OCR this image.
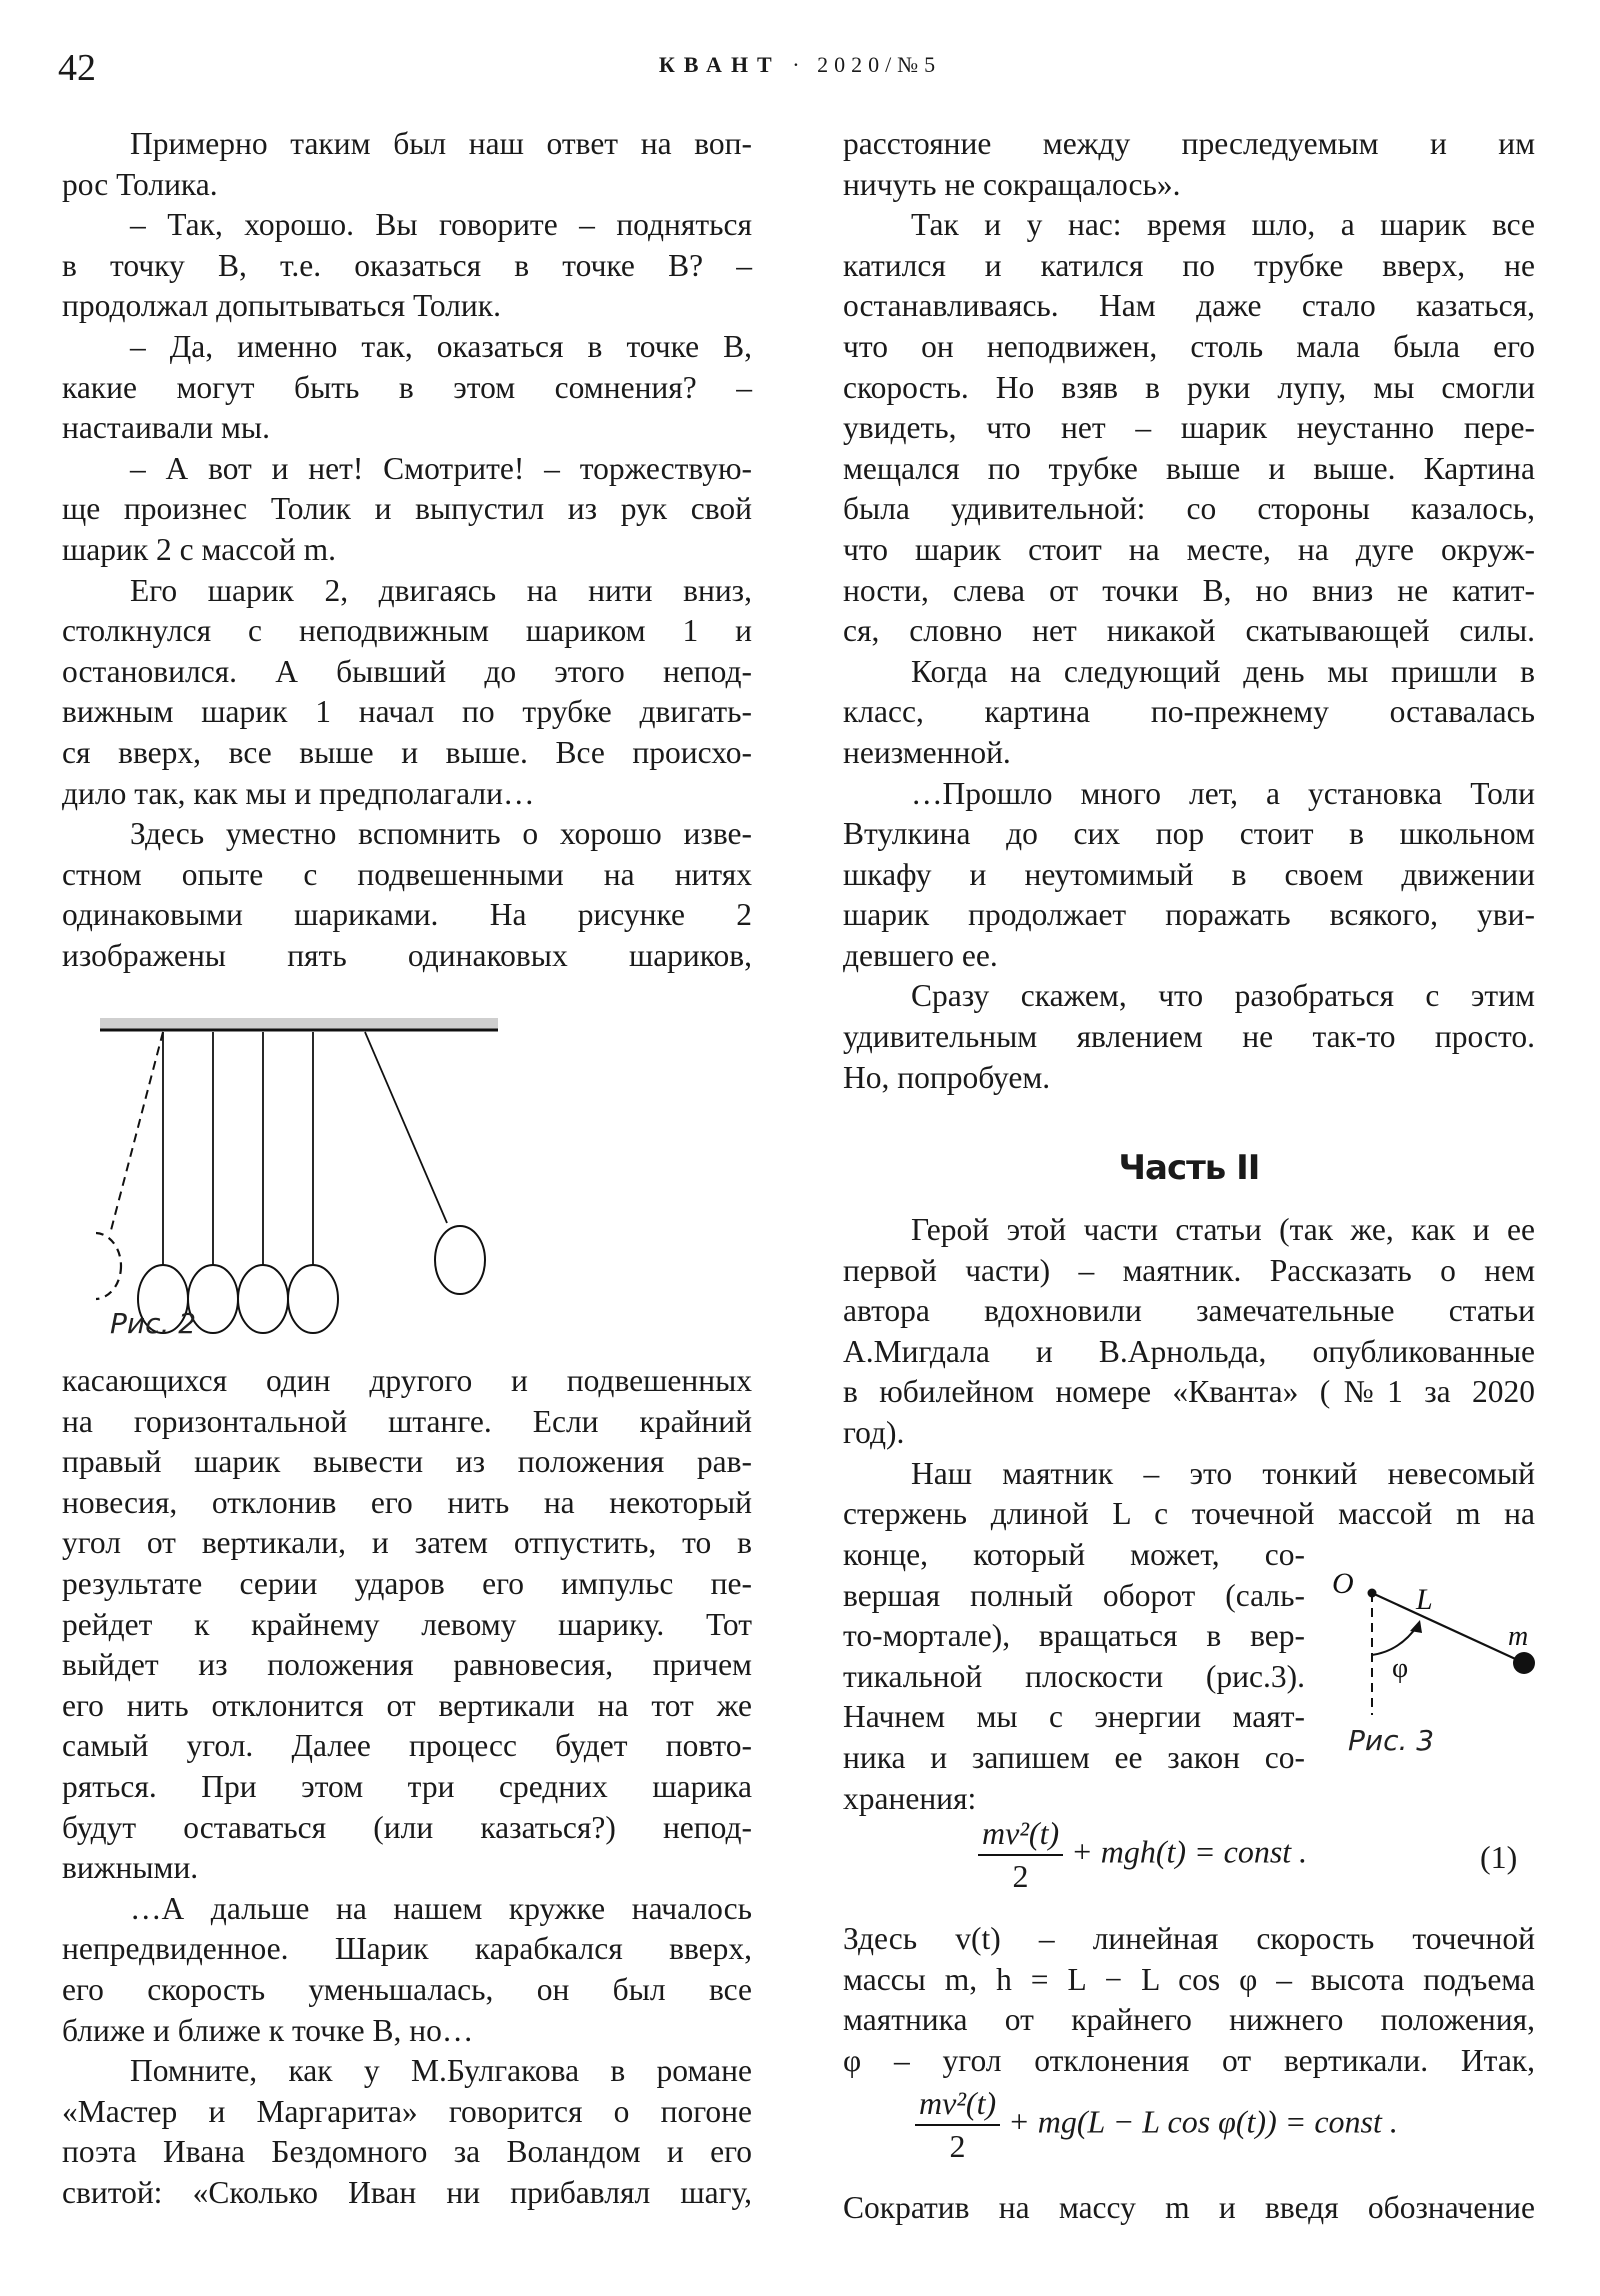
42	КВАНТ · 2020/№5
Примерно таким был наш ответ на воп-
рос Толика.
– Так, хорошо. Вы говорите – подняться
в точку B, т.е. оказаться в точке B? –
продолжал допытываться Толик.
– Да, именно так, оказаться в точке B,
какие могут быть в этом сомнения? –
настаивали мы.
– А вот и нет! Смотрите! – торжествую-
ще произнес Толик и выпустил из рук свой
шарик 2 с массой m.
Его шарик 2, двигаясь на нити вниз,
столкнулся с неподвижным шариком 1 и
остановился. А бывший до этого непод-
вижным шарик 1 начал по трубке двигать-
ся вверх, все выше и выше. Все происхо-
дило так, как мы и предполагали…
Здесь уместно вспомнить о хорошо изве-
стном опыте с подвешенными на нитях
одинаковыми шариками. На рисунке 2
изображены пять одинаковых шариков,
Рис. 2
касающихся один другого и подвешенных
на горизонтальной штанге. Если крайний
правый шарик вывести из положения рав-
новесия, отклонив его нить на некоторый
угол от вертикали, и затем отпустить, то в
результате серии ударов его импульс пе-
рейдет к крайнему левому шарику. Тот
выйдет из положения равновесия, причем
его нить отклонится от вертикали на тот же
самый угол. Далее процесс будет повто-
ряться. При этом три средних шарика
будут оставаться (или казаться?) непод-
вижными.
…А дальше на нашем кружке началось
непредвиденное. Шарик карабкался вверх,
его скорость уменьшалась, он был все
ближе и ближе к точке B, но…
Помните, как у М.Булгакова в романе
«Мастер и Маргарита» говорится о погоне
поэта Ивана Бездомного за Воландом и его
свитой: «Сколько Иван ни прибавлял шагу,
расстояние между преследуемым и им
ничуть не сокращалось».
Так и у нас: время шло, а шарик все
катился и катился по трубке вверх, не
останавливаясь. Нам даже стало казаться,
что он неподвижен, столь мала была его
скорость. Но взяв в руки лупу, мы смогли
увидеть, что нет – шарик неустанно пере-
мещался по трубке выше и выше. Картина
была удивительной: со стороны казалось,
что шарик стоит на месте, на дуге окруж-
ности, слева от точки B, но вниз не катит-
ся, словно нет никакой скатывающей силы.
Когда на следующий день мы пришли в
класс, картина по-прежнему оставалась
неизменной.
…Прошло много лет, а установка Толи
Втулкина до сих пор стоит в школьном
шкафу и неутомимый в своем движении
шарик продолжает поражать всякого, уви-
девшего ее.
Сразу скажем, что разобраться с этим
удивительным явлением не так-то просто.
Но, попробуем.
Часть II
Герой этой части статьи (так же, как и ее
первой части) – маятник. Рассказать о нем
автора вдохновили замечательные статьи
А.Мигдала и В.Арнольда, опубликованные
в юбилейном номере «Кванта» (№1 за 2020
год).
Наш маятник – это тонкий невесомый
стержень длиной L с точечной массой m на
конце, который может, со-
вершая полный оборот (саль-
то-мортале), вращаться в вер-
тикальной плоскости (рис.3).
Начнем мы с энергии маят-
ника и запишем ее закон со-
хранения:
O L
m
φ
Рис. 3
$\frac{\text{mv²(t)}}{2} + mgh(t)$ = const .	(1)
Здесь v(t) – линейная скорость точечной
массы m, h = L − L cos φ – высота подъема
маятника от крайнего нижнего положения,
φ – угол отклонения от вертикали. Итак,
$\frac{\text{mv²(t)}}{2} + mg(L - L$ cos φ(t)) = const .
Сократив на массу m и введя обозначение
